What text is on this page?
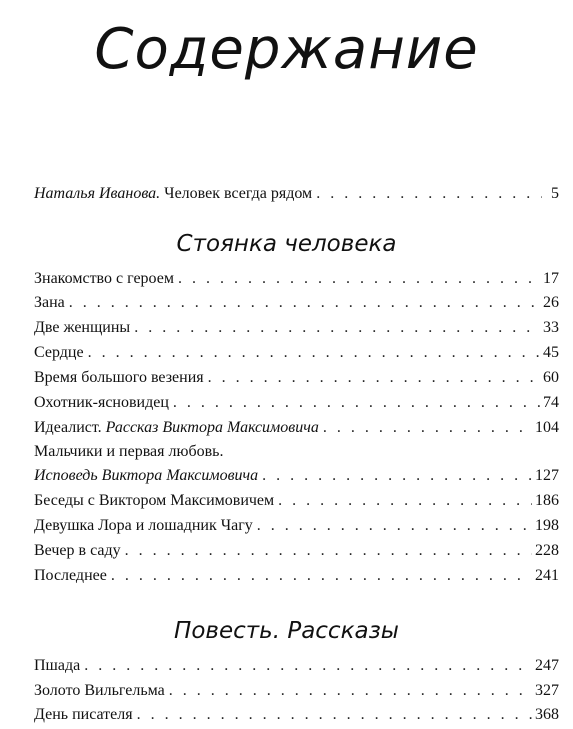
Содержание
Наталья Иванова. Человек всегда рядом . . .	5
Стоянка человека
Знакомство с героем . . .	17
Зана . . .	26
Две женщины . . .	33
Сердце . . .	45
Время большого везения . . .	60
Охотник-ясновидец . . .	74
Идеалист. Рассказ Виктора Максимовича . . .	104
Мальчики и первая любовь.
Исповедь Виктора Максимовича . . .	127
Беседы с Виктором Максимовичем . . .	186
Девушка Лора и лошадник Чагу . . .	198
Вечер в саду . . .	228
Последнее . . .	241
Повесть. Рассказы
Пшада . . .	247
Золото Вильгельма . . .	327
День писателя . . .	368
